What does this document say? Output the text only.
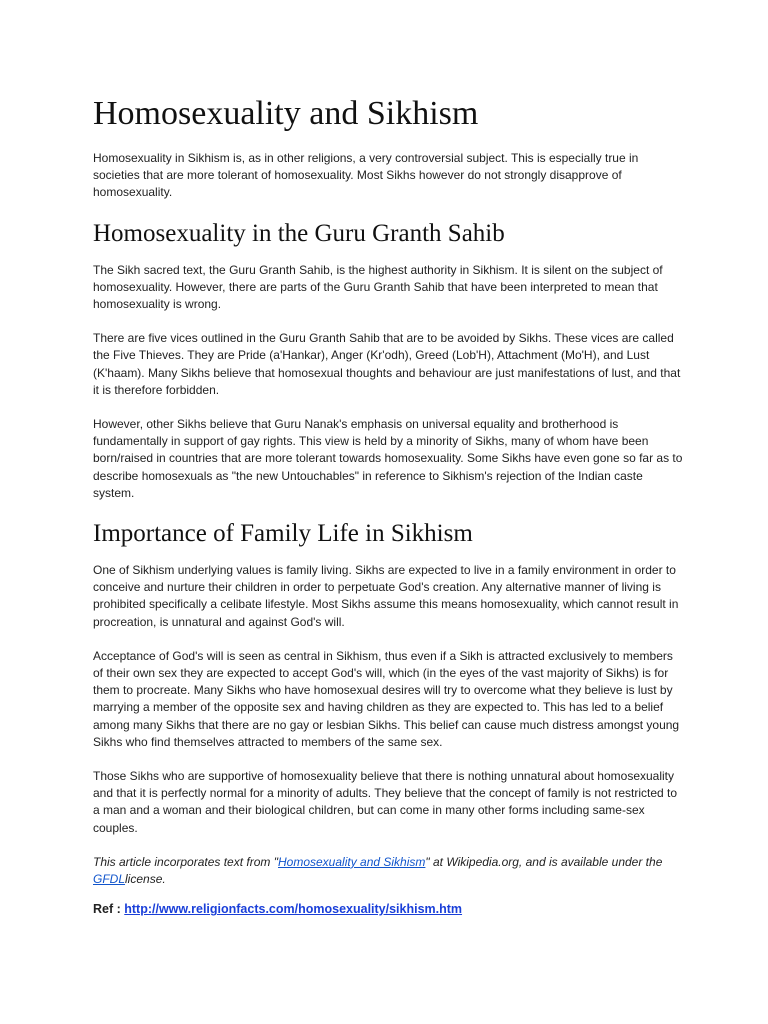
Homosexuality and Sikhism

Homosexuality in Sikhism is, as in other religions, a very controversial subject. This is especially true in societies that are more tolerant of homosexuality. Most Sikhs however do not strongly disapprove of homosexuality.

Homosexuality in the Guru Granth Sahib

The Sikh sacred text, the Guru Granth Sahib, is the highest authority in Sikhism. It is silent on the subject of homosexuality. However, there are parts of the Guru Granth Sahib that have been interpreted to mean that homosexuality is wrong.

There are five vices outlined in the Guru Granth Sahib that are to be avoided by Sikhs. These vices are called the Five Thieves. They are Pride (a'Hankar), Anger (Kr'odh), Greed (Lob'H), Attachment (Mo'H), and Lust (K'haam). Many Sikhs believe that homosexual thoughts and behaviour are just manifestations of lust, and that it is therefore forbidden.

However, other Sikhs believe that Guru Nanak's emphasis on universal equality and brotherhood is fundamentally in support of gay rights. This view is held by a minority of Sikhs, many of whom have been born/raised in countries that are more tolerant towards homosexuality. Some Sikhs have even gone so far as to describe homosexuals as "the new Untouchables" in reference to Sikhism's rejection of the Indian caste system.

Importance of Family Life in Sikhism

One of Sikhism underlying values is family living. Sikhs are expected to live in a family environment in order to conceive and nurture their children in order to perpetuate God's creation. Any alternative manner of living is prohibited specifically a celibate lifestyle. Most Sikhs assume this means homosexuality, which cannot result in procreation, is unnatural and against God's will.

Acceptance of God's will is seen as central in Sikhism, thus even if a Sikh is attracted exclusively to members of their own sex they are expected to accept God's will, which (in the eyes of the vast majority of Sikhs) is for them to procreate. Many Sikhs who have homosexual desires will try to overcome what they believe is lust by marrying a member of the opposite sex and having children as they are expected to. This has led to a belief among many Sikhs that there are no gay or lesbian Sikhs. This belief can cause much distress amongst young Sikhs who find themselves attracted to members of the same sex.

Those Sikhs who are supportive of homosexuality believe that there is nothing unnatural about homosexuality and that it is perfectly normal for a minority of adults. They believe that the concept of family is not restricted to a man and a woman and their biological children, but can come in many other forms including same-sex couples.

This article incorporates text from "Homosexuality and Sikhism" at Wikipedia.org, and is available under the GFDLlicense.

Ref : http://www.religionfacts.com/homosexuality/sikhism.htm
